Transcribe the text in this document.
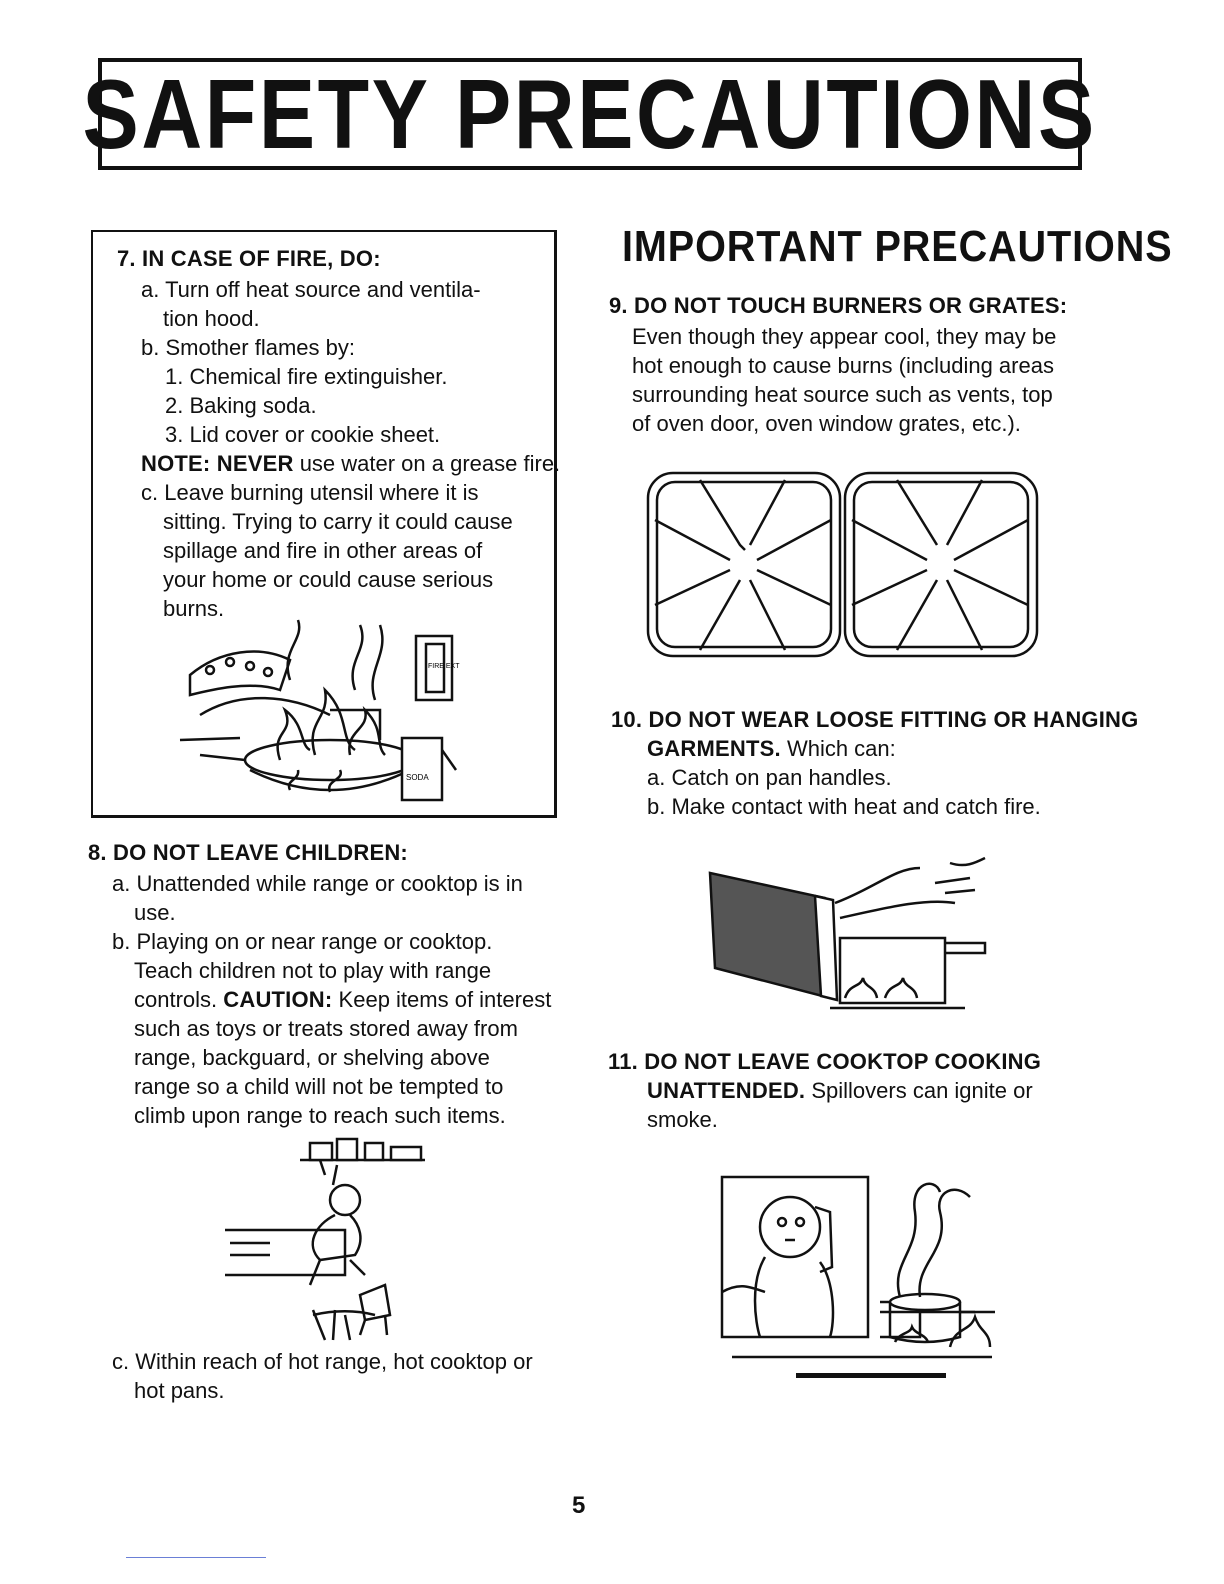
SAFETY PRECAUTIONS
7. IN CASE OF FIRE, DO:
a. Turn off heat source and ventila-
tion hood.
b. Smother flames by:
1. Chemical fire extinguisher.
2. Baking soda.
3. Lid cover or cookie sheet.
NOTE: NEVER use water on a grease fire.
c. Leave burning utensil where it is
sitting. Trying to carry it could cause
spillage and fire in other areas of
your home or could cause serious
burns.
FIRE EXT
SODA
8. DO NOT LEAVE CHILDREN:
a. Unattended while range or cooktop is in
use.
b. Playing on or near range or cooktop.
Teach children not to play with range
controls. CAUTION: Keep items of interest
such as toys or treats stored away from
range, backguard, or shelving above
range so a child will not be tempted to
climb upon range to reach such items.
c. Within reach of hot range, hot cooktop or
hot pans.
IMPORTANT PRECAUTIONS
9. DO NOT TOUCH BURNERS OR GRATES:
Even though they appear cool, they may be
hot enough to cause burns (including areas
surrounding heat source such as vents, top
of oven door, oven window grates, etc.).
10. DO NOT WEAR LOOSE FITTING OR HANGING
GARMENTS. Which can:
a. Catch on pan handles.
b. Make contact with heat and catch fire.
11. DO NOT LEAVE COOKTOP COOKING
UNATTENDED. Spillovers can ignite or
smoke.
5
